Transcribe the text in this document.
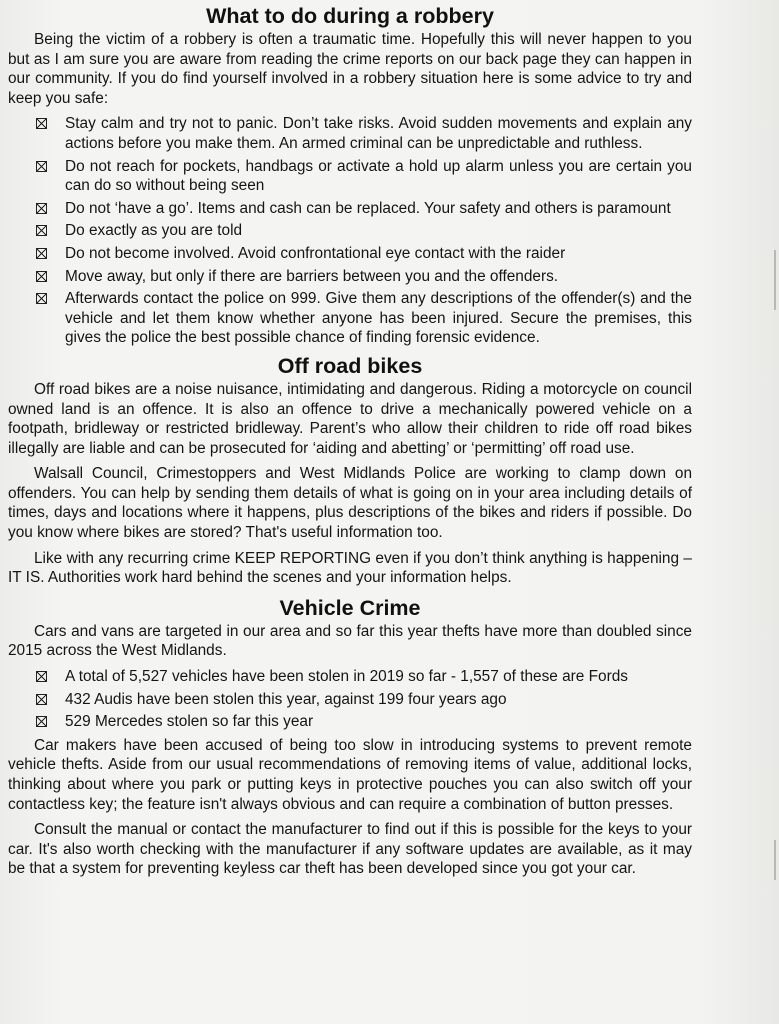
What to do during a robbery

Being the victim of a robbery is often a traumatic time. Hopefully this will never happen to you but as I am sure you are aware from reading the crime reports on our back page they can happen in our community. If you do find yourself involved in a robbery situation here is some advice to try and keep you safe:

Stay calm and try not to panic. Don’t take risks. Avoid sudden movements and explain any actions before you make them. An armed criminal can be unpredictable and ruthless.
Do not reach for pockets, handbags or activate a hold up alarm unless you are certain you can do so without being seen
Do not ‘have a go’. Items and cash can be replaced. Your safety and others is paramount
Do exactly as you are told
Do not become involved. Avoid confrontational eye contact with the raider
Move away, but only if there are barriers between you and the offenders.
Afterwards contact the police on 999. Give them any descriptions of the offender(s) and the vehicle and let them know whether anyone has been injured. Secure the premises, this gives the police the best possible chance of finding forensic evidence.
Off road bikes

Off road bikes are a noise nuisance, intimidating and dangerous. Riding a motorcycle on council owned land is an offence. It is also an offence to drive a mechanically powered vehicle on a footpath, bridleway or restricted bridleway. Parent’s who allow their children to ride off road bikes illegally are liable and can be prosecuted for ‘aiding and abetting’ or ‘permitting’ off road use.

Walsall Council, Crimestoppers and West Midlands Police are working to clamp down on offenders. You can help by sending them details of what is going on in your area including details of times, days and locations where it happens, plus descriptions of the bikes and riders if possible. Do you know where bikes are stored? That's useful information too.

Like with any recurring crime KEEP REPORTING even if you don’t think anything is happening – IT IS. Authorities work hard behind the scenes and your information helps.

Vehicle Crime

Cars and vans are targeted in our area and so far this year thefts have more than doubled since 2015 across the West Midlands.

A total of 5,527 vehicles have been stolen in 2019 so far - 1,557 of these are Fords
432 Audis have been stolen this year, against 199 four years ago
529 Mercedes stolen so far this year

Car makers have been accused of being too slow in introducing systems to prevent remote vehicle thefts. Aside from our usual recommendations of removing items of value, additional locks, thinking about where you park or putting keys in protective pouches you can also switch off your contactless key; the feature isn't always obvious and can require a combination of button presses.

Consult the manual or contact the manufacturer to find out if this is possible for the keys to your car. It's also worth checking with the manufacturer if any software updates are available, as it may be that a system for preventing keyless car theft has been developed since you got your car.
